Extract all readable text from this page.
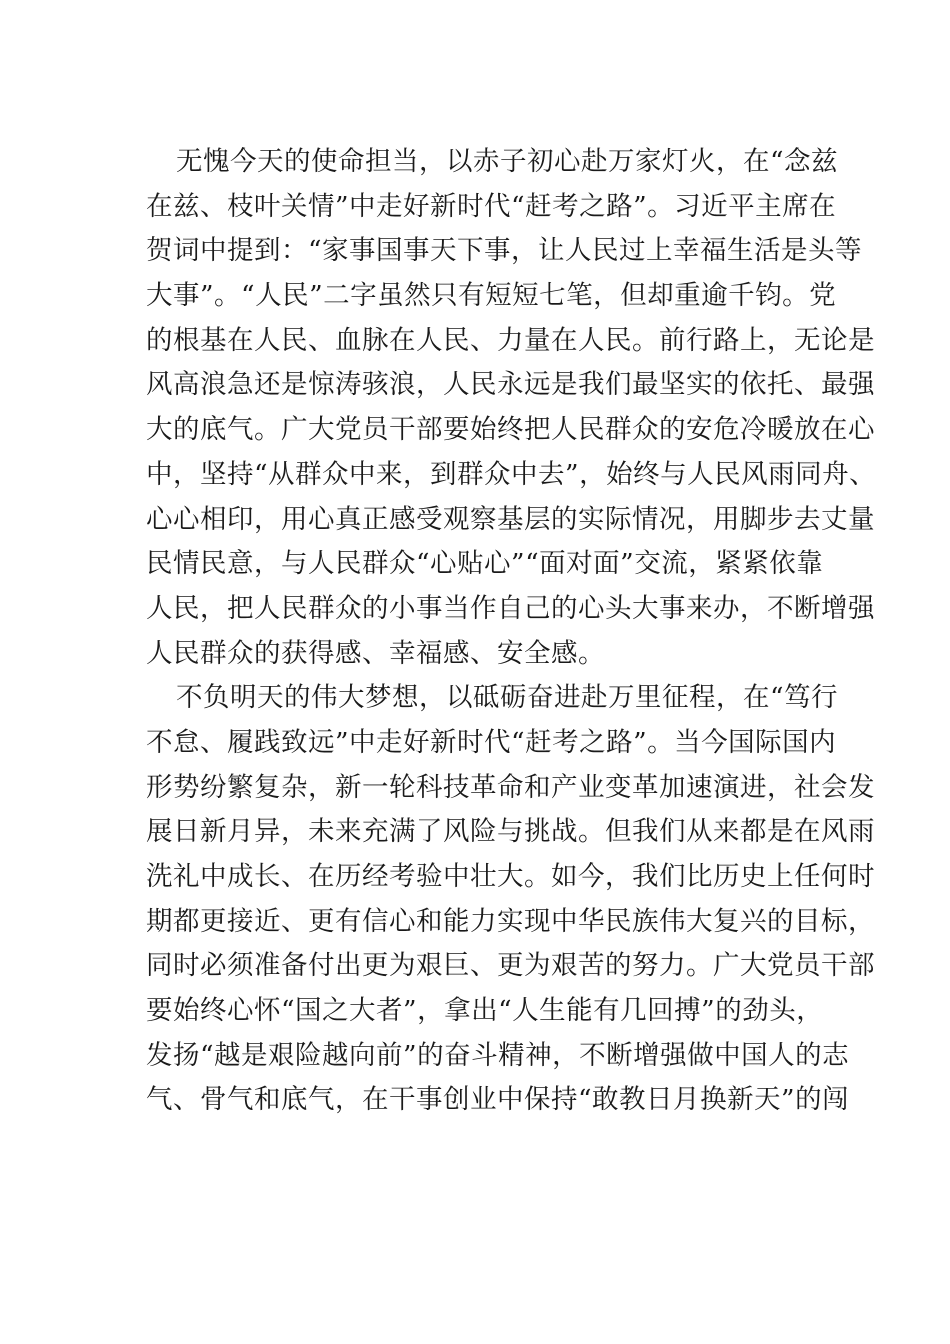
无愧今天的使命担当，以赤子初心赴万家灯火，在“念兹
在兹、枝叶关情”中走好新时代“赶考之路”。习近平主席在
贺词中提到：“家事国事天下事，让人民过上幸福生活是头等
大事”。“人民”二字虽然只有短短七笔，但却重逾千钧。党
的根基在人民、血脉在人民、力量在人民。前行路上，无论是
风高浪急还是惊涛骇浪，人民永远是我们最坚实的依托、最强
大的底气。广大党员干部要始终把人民群众的安危冷暖放在心
中，坚持“从群众中来，到群众中去”，始终与人民风雨同舟、
心心相印，用心真正感受观察基层的实际情况，用脚步去丈量
民情民意，与人民群众“心贴心”“面对面”交流，紧紧依靠
人民，把人民群众的小事当作自己的心头大事来办，不断增强
人民群众的获得感、幸福感、安全感。
不负明天的伟大梦想，以砥砺奋进赴万里征程，在“笃行
不怠、履践致远”中走好新时代“赶考之路”。当今国际国内
形势纷繁复杂，新一轮科技革命和产业变革加速演进，社会发
展日新月异，未来充满了风险与挑战。但我们从来都是在风雨
洗礼中成长、在历经考验中壮大。如今，我们比历史上任何时
期都更接近、更有信心和能力实现中华民族伟大复兴的目标，
同时必须准备付出更为艰巨、更为艰苦的努力。广大党员干部
要始终心怀“国之大者”，拿出“人生能有几回搏”的劲头，
发扬“越是艰险越向前”的奋斗精神，不断增强做中国人的志
气、骨气和底气，在干事创业中保持“敢教日月换新天”的闯
